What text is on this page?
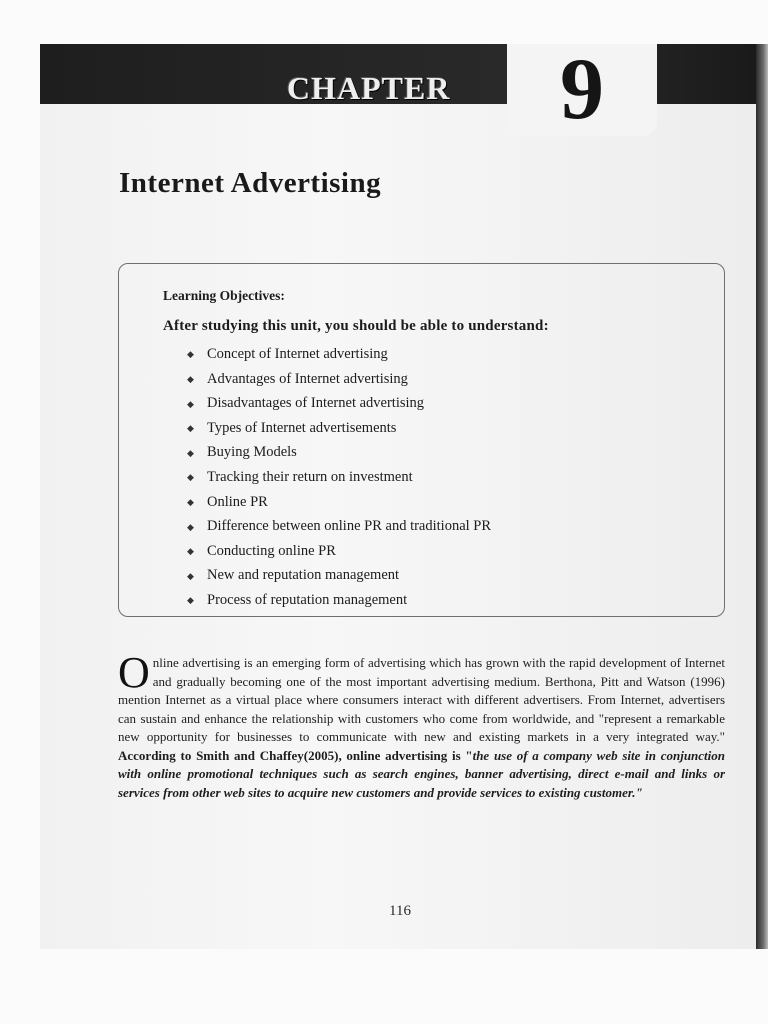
CHAPTER	9
Internet Advertising
Learning Objectives:
After studying this unit, you should be able to understand:
◆ Concept of Internet advertising
◆ Advantages of Internet advertising
◆ Disadvantages of Internet advertising
◆ Types of Internet advertisements
◆ Buying Models
◆ Tracking their return on investment
◆ Online PR
◆ Difference between online PR and traditional PR
◆ Conducting online PR
◆ New and reputation management
◆ Process of reputation management
Online advertising is an emerging form of advertising which has grown with the rapid development of Internet and gradually becoming one of the most important advertising medium. Berthona, Pitt and Watson (1996) mention Internet as a virtual place where consumers interact with different advertisers. From Internet, advertisers can sustain and enhance the relationship with customers who come from worldwide, and "represent a remarkable new opportunity for businesses to communicate with new and existing markets in a very integrated way." According to Smith and Chaffey(2005), online advertising is "the use of a company web site in conjunction with online promotional techniques such as search engines, banner advertising, direct e-mail and links or services from other web sites to acquire new customers and provide services to existing customer."
116
